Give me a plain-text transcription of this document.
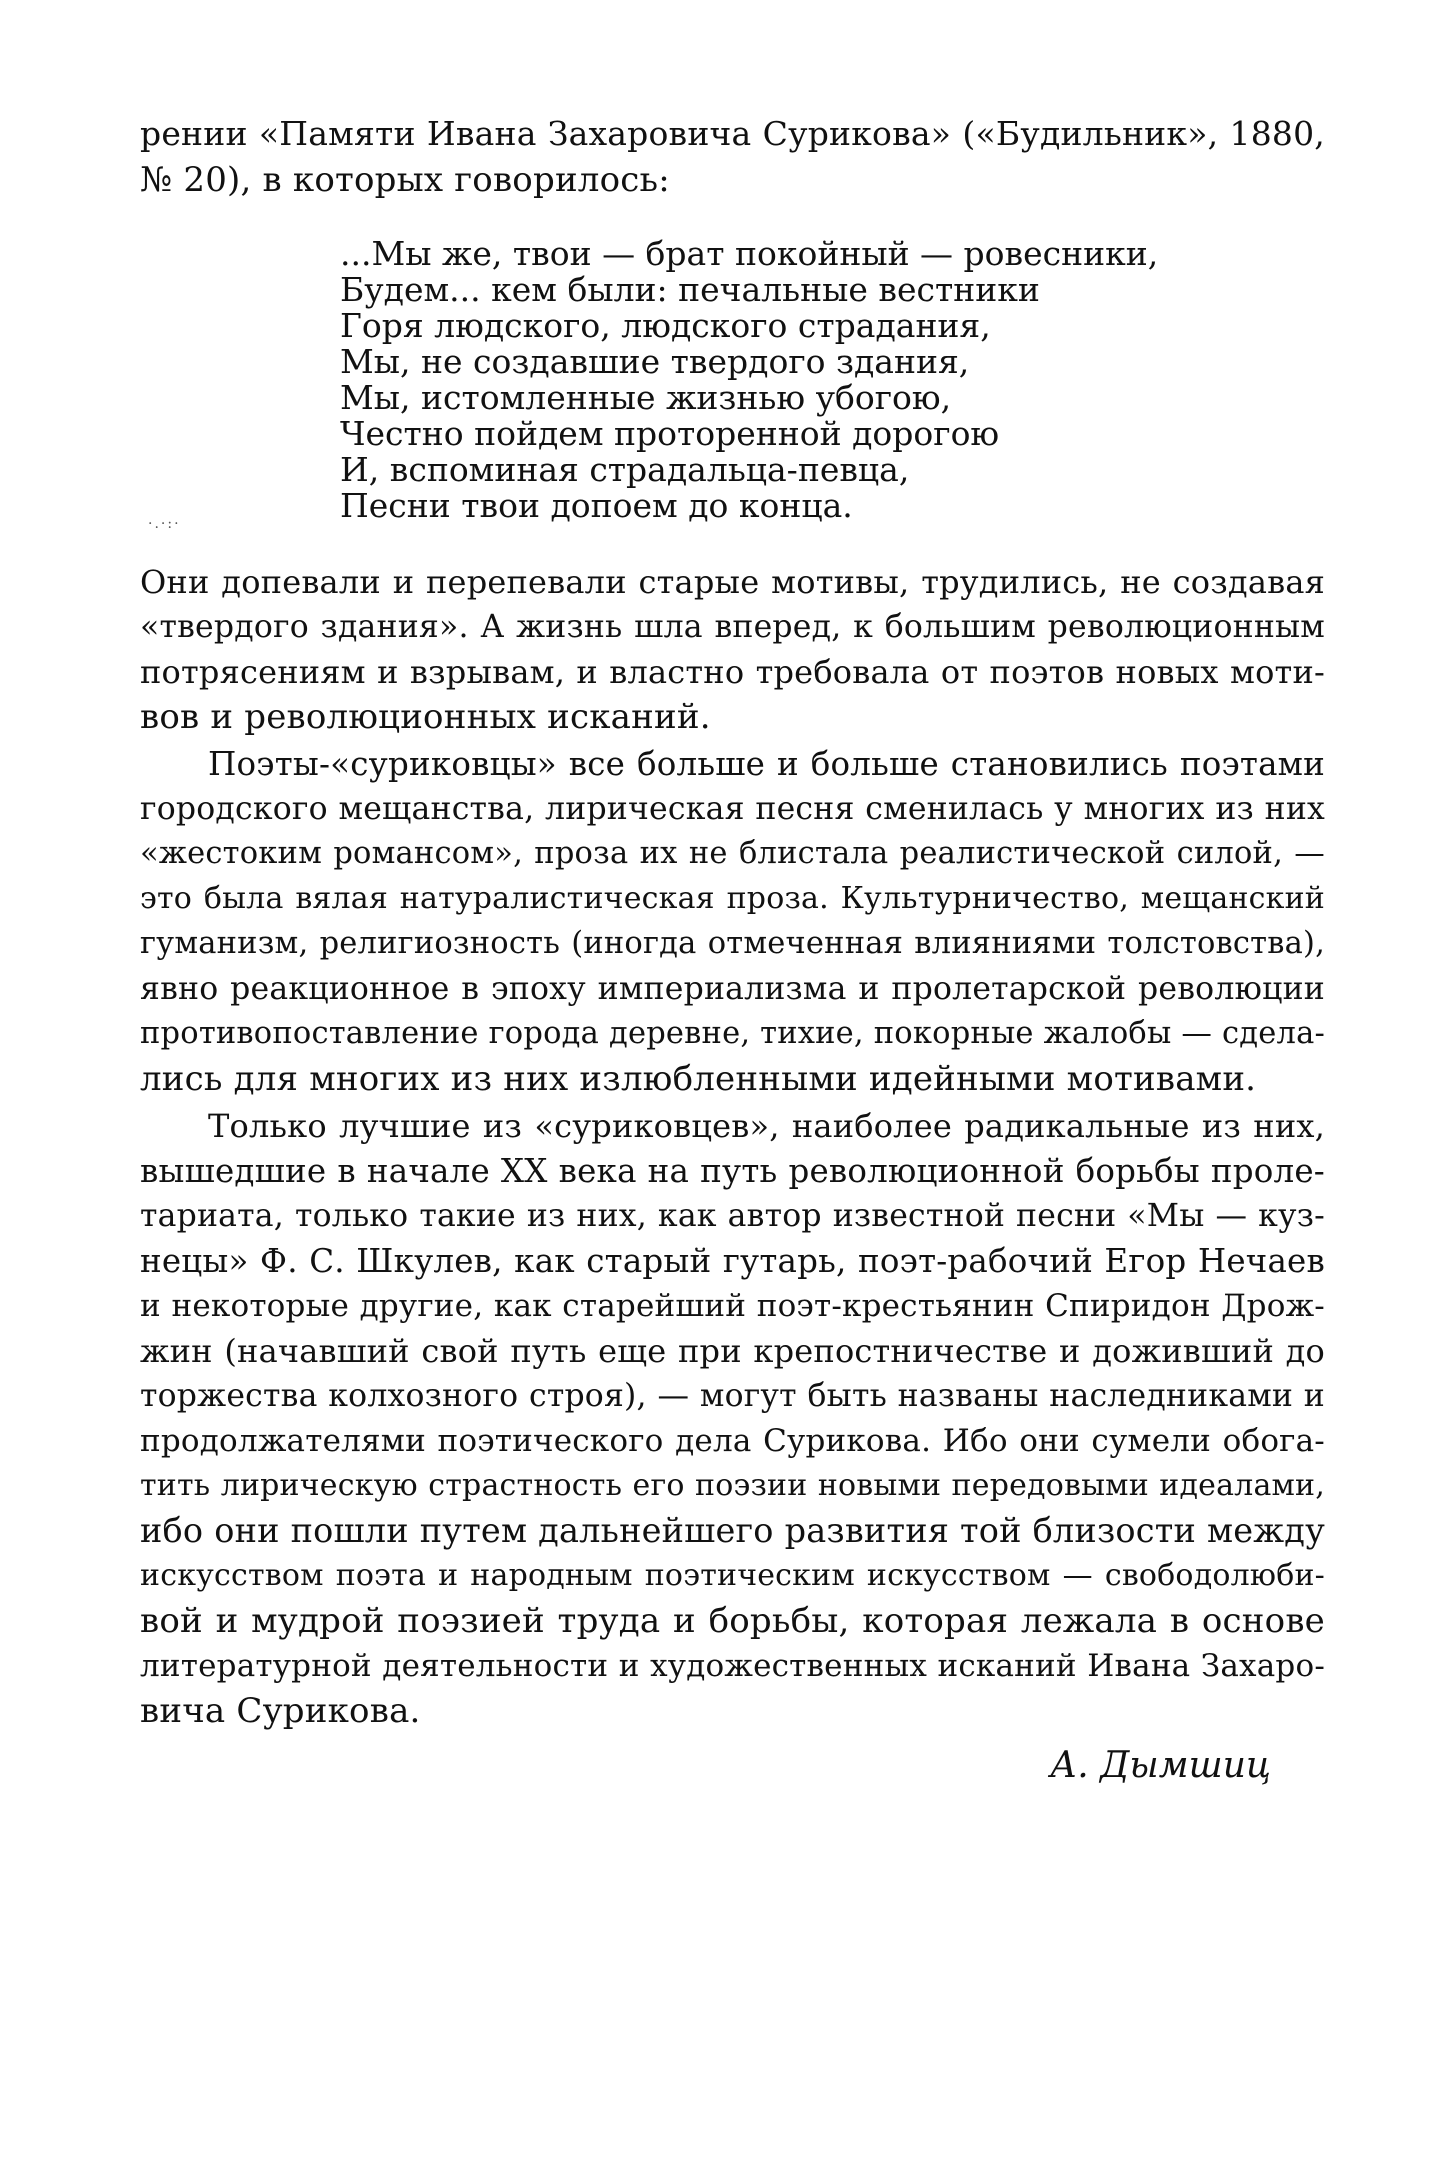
рении «Памяти Ивана Захаровича Сурикова» («Будильник», 1880,
№ 20), в которых говорилось:
...Мы же, твои — брат покойный — ровесники,
Будем... кем были: печальные вестники
Горя людского, людского страдания,
Мы, не создавшие твердого здания,
Мы, истомленные жизнью убогою,
Честно пойдем проторенной дорогою
И, вспоминая страдальца-певца,
Песни твои допоем до конца.
·.·:·
Они допевали и перепевали старые мотивы, трудились, не создавая
«твердого здания». А жизнь шла вперед, к большим революционным
потрясениям и взрывам, и властно требовала от поэтов новых моти-
вов и революционных исканий.
Поэты-«суриковцы» все больше и больше становились поэтами
городского мещанства, лирическая песня сменилась у многих из них
«жестоким романсом», проза их не блистала реалистической силой, —
это была вялая натуралистическая проза. Культурничество, мещанский
гуманизм, религиозность (иногда отмеченная влияниями толстовства),
явно реакционное в эпоху империализма и пролетарской революции
противопоставление города деревне, тихие, покорные жалобы — сдела-
лись для многих из них излюбленными идейными мотивами.
Только лучшие из «суриковцев», наиболее радикальные из них,
вышедшие в начале XX века на путь революционной борьбы проле-
тариата, только такие из них, как автор известной песни «Мы — куз-
нецы» Ф. С. Шкулев, как старый гутарь, поэт-рабочий Егор Нечаев
и некоторые другие, как старейший поэт-крестьянин Спиридон Дрож-
жин (начавший свой путь еще при крепостничестве и доживший до
торжества колхозного строя), — могут быть названы наследниками и
продолжателями поэтического дела Сурикова. Ибо они сумели обога-
тить лирическую страстность его поэзии новыми передовыми идеалами,
ибо они пошли путем дальнейшего развития той близости между
искусством поэта и народным поэтическим искусством — свободолюби-
вой и мудрой поэзией труда и борьбы, которая лежала в основе
литературной деятельности и художественных исканий Ивана Захаро-
вича Сурикова.
А. Дымшиц
